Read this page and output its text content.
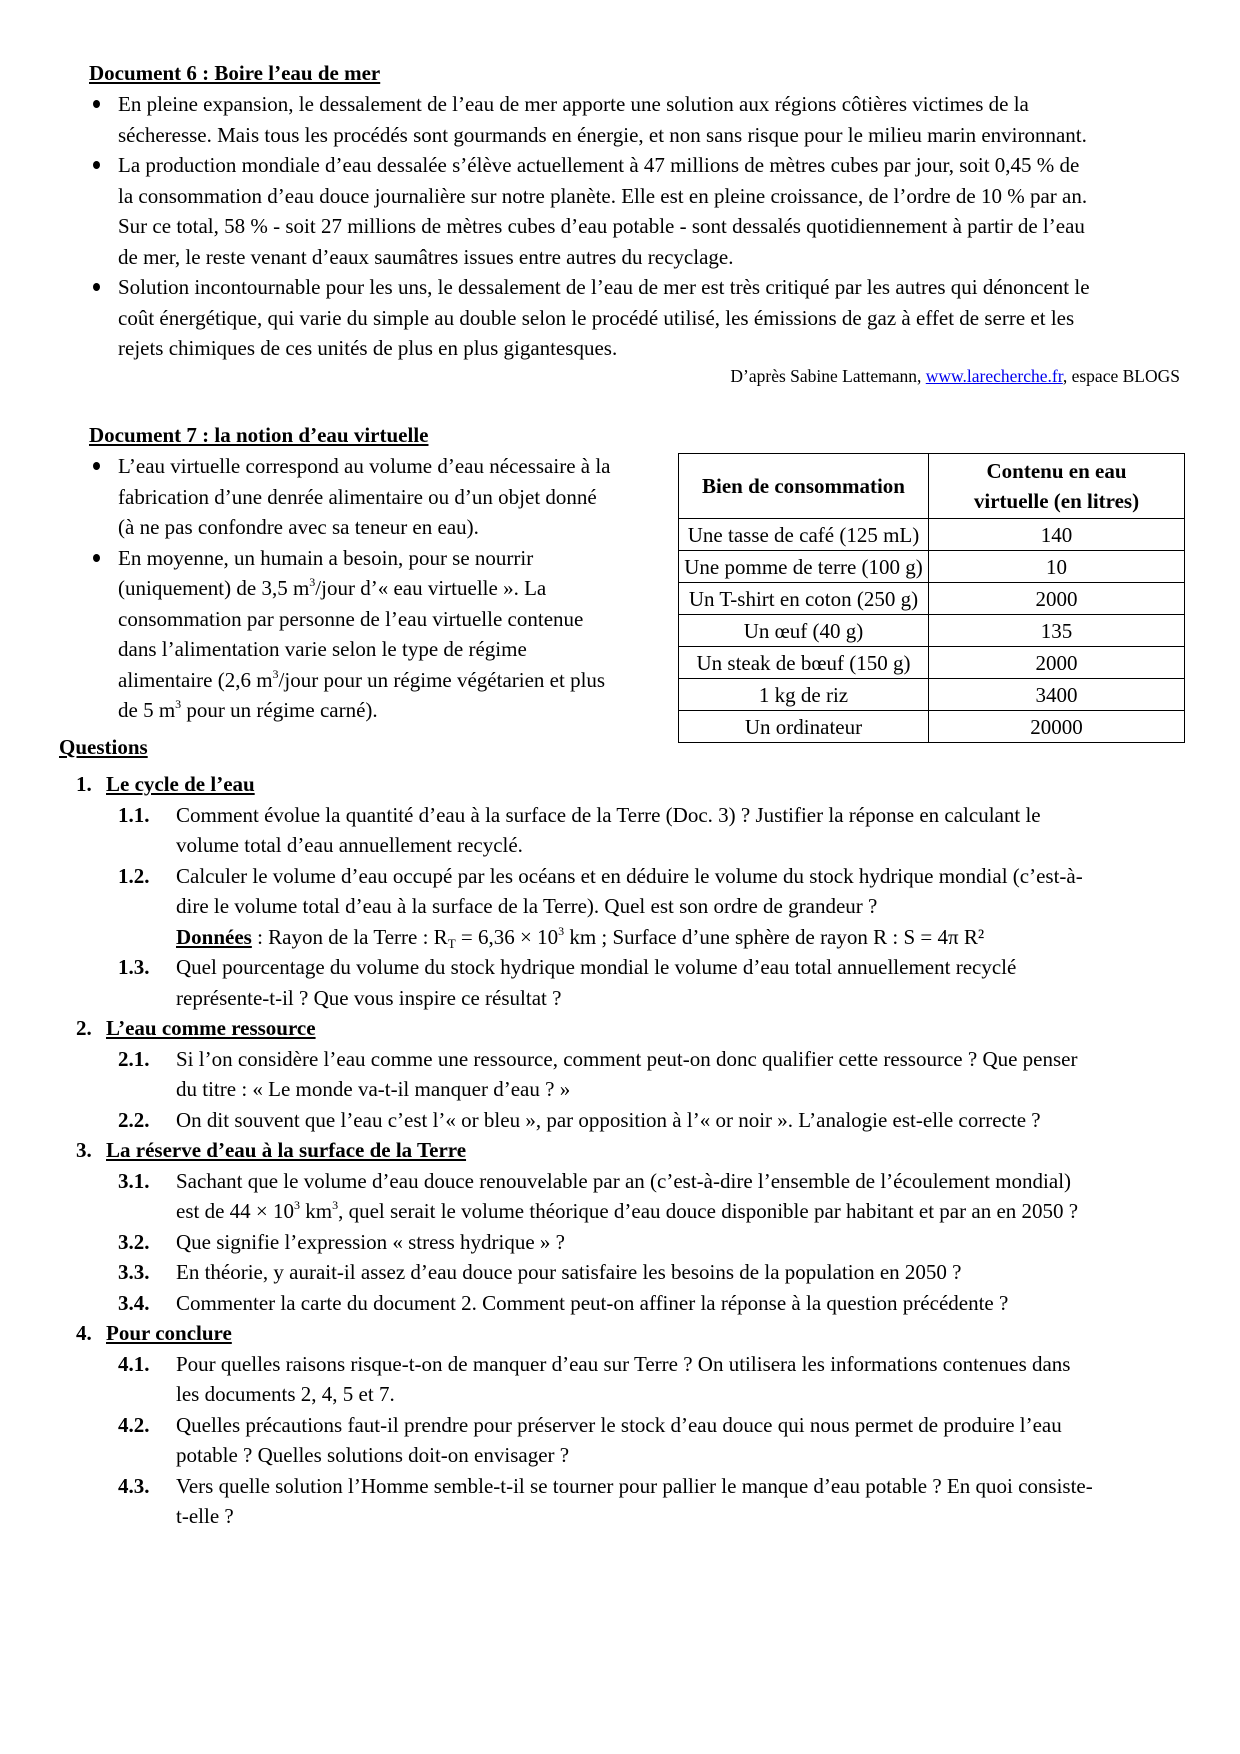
Document 6 : Boire l’eau de mer
En pleine expansion, le dessalement de l’eau de mer apporte une solution aux régions côtières victimes de la
sécheresse. Mais tous les procédés sont gourmands en énergie, et non sans risque pour le milieu marin environnant.
La production mondiale d’eau dessalée s’élève actuellement à 47 millions de mètres cubes par jour, soit 0,45 % de
la consommation d’eau douce journalière sur notre planète. Elle est en pleine croissance, de l’ordre de 10 % par an.
Sur ce total, 58 % - soit 27 millions de mètres cubes d’eau potable - sont dessalés quotidiennement à partir de l’eau
de mer, le reste venant d’eaux saumâtres issues entre autres du recyclage.
Solution incontournable pour les uns, le dessalement de l’eau de mer est très critiqué par les autres qui dénoncent le
coût énergétique, qui varie du simple au double selon le procédé utilisé, les émissions de gaz à effet de serre et les
rejets chimiques de ces unités de plus en plus gigantesques.
D’après Sabine Lattemann, www.larecherche.fr, espace BLOGS
Document 7 : la notion d’eau virtuelle
L’eau virtuelle correspond au volume d’eau nécessaire à la
fabrication d’une denrée alimentaire ou d’un objet donné
(à ne pas confondre avec sa teneur en eau).
En moyenne, un humain a besoin, pour se nourrir
(uniquement) de 3,5 $m^3$/jour d’« eau virtuelle ». La
consommation par personne de l’eau virtuelle contenue
dans l’alimentation varie selon le type de régime
alimentaire (2,6 $m^3$/jour pour un régime végétarien et plus
de 5 $m^3$ pour un régime carné).
Bien de consommation	Contenu en eau virtuelle (en litres)
Une tasse de café (125 mL)	140
Une pomme de terre (100 g)	10
Un T-shirt en coton (250 g)	2000
Un œuf (40 g)	135
Un steak de bœuf (150 g)	2000
1 kg de riz	3400
Un ordinateur	20000
Questions
1. Le cycle de l’eau
1.1. Comment évolue la quantité d’eau à la surface de la Terre (Doc. 3) ? Justifier la réponse en calculant le
volume total d’eau annuellement recyclé.
1.2. Calculer le volume d’eau occupé par les océans et en déduire le volume du stock hydrique mondial (c’est-à-
dire le volume total d’eau à la surface de la Terre). Quel est son ordre de grandeur ?
Données : Rayon de la Terre : $R_T = 6,36 \times 10^3$ km ; Surface d’une sphère de rayon R : S = 4π R²
1.3. Quel pourcentage du volume du stock hydrique mondial le volume d’eau total annuellement recyclé
représente-t-il ? Que vous inspire ce résultat ?
2. L’eau comme ressource
2.1. Si l’on considère l’eau comme une ressource, comment peut-on donc qualifier cette ressource ? Que penser
du titre : « Le monde va-t-il manquer d’eau ? »
2.2. On dit souvent que l’eau c’est l’« or bleu », par opposition à l’« or noir ». L’analogie est-elle correcte ?
3. La réserve d’eau à la surface de la Terre
3.1. Sachant que le volume d’eau douce renouvelable par an (c’est-à-dire l’ensemble de l’écoulement mondial)
est de $44 \times 10^3$ $km^3$, quel serait le volume théorique d’eau douce disponible par habitant et par an en 2050 ?
3.2. Que signifie l’expression « stress hydrique » ?
3.3. En théorie, y aurait-il assez d’eau douce pour satisfaire les besoins de la population en 2050 ?
3.4. Commenter la carte du document 2. Comment peut-on affiner la réponse à la question précédente ?
4. Pour conclure
4.1. Pour quelles raisons risque-t-on de manquer d’eau sur Terre ? On utilisera les informations contenues dans
les documents 2, 4, 5 et 7.
4.2. Quelles précautions faut-il prendre pour préserver le stock d’eau douce qui nous permet de produire l’eau
potable ? Quelles solutions doit-on envisager ?
4.3. Vers quelle solution l’Homme semble-t-il se tourner pour pallier le manque d’eau potable ? En quoi consiste-
t-elle ?
